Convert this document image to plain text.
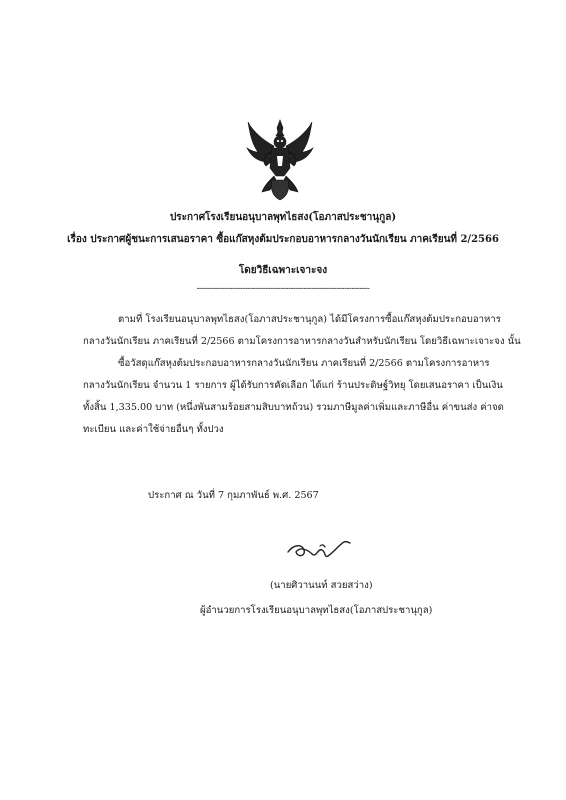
ประกาศโรงเรียนอนุบาลพุทไธสง(โอภาสประชานุกูล)
เรื่อง ประกาศผู้ชนะการเสนอราคา ซื้อแก๊สหุงต้มประกอบอาหารกลางวันนักเรียน ภาคเรียนที่ 2/2566
โดยวิธีเฉพาะเจาะจง
--------------------------------------------------------------------
ตามที่ โรงเรียนอนุบาลพุทไธสง(โอภาสประชานุกูล) ได้มีโครงการซื้อแก๊สหุงต้มประกอบอาหาร
กลางวันนักเรียน ภาคเรียนที่ 2/2566 ตามโครงการอาหารกลางวันสำหรับนักเรียน โดยวิธีเฉพาะเจาะจง นั้น
ซื้อวัสดุแก๊สหุงต้มประกอบอาหารกลางวันนักเรียน ภาคเรียนที่ 2/2566 ตามโครงการอาหาร
กลางวันนักเรียน จำนวน 1 รายการ ผู้ได้รับการคัดเลือก ได้แก่ ร้านประดิษฐ์วิทยุ โดยเสนอราคา เป็นเงิน
ทั้งสิ้น 1,335.00 บาท (หนึ่งพันสามร้อยสามสิบบาทถ้วน) รวมภาษีมูลค่าเพิ่มและภาษีอื่น ค่าขนส่ง ค่าจด
ทะเบียน และค่าใช้จ่ายอื่นๆ ทั้งปวง
ประกาศ ณ วันที่ 7 กุมภาพันธ์ พ.ศ. 2567
(นายศิวานนท์ สวยสว่าง)
ผู้อำนวยการโรงเรียนอนุบาลพุทไธสง(โอภาสประชานุกูล)
